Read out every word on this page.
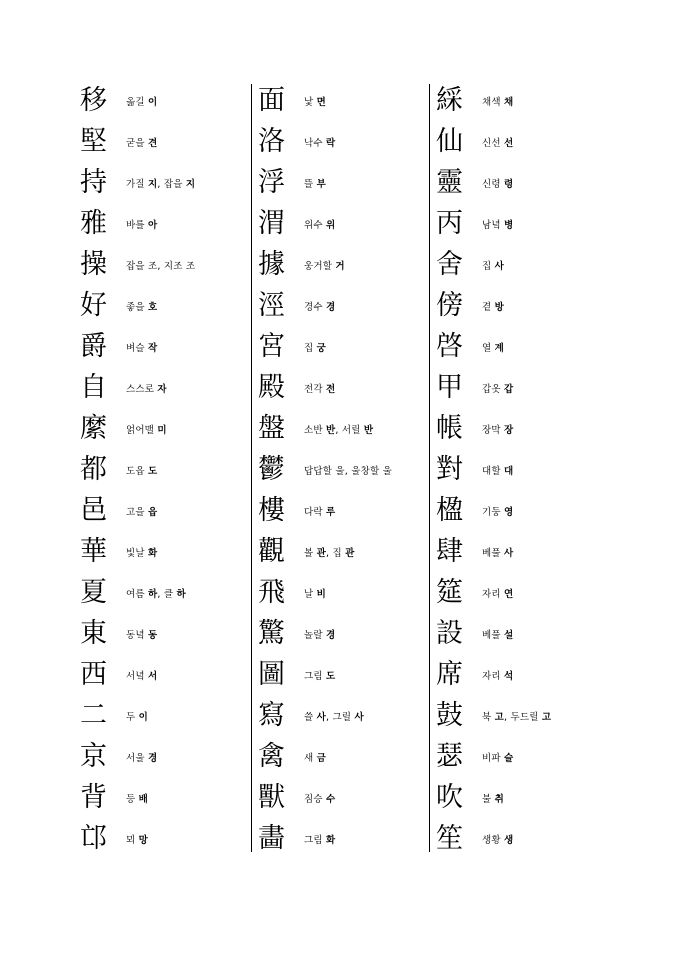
移	옮길 이
堅	굳을 견
持	가질 지, 잡을 지
雅	바를 아
操	잡을 조, 지조 조
好	좋을 호
爵	벼슬 작
自	스스로 자
縻	얽어맬 미
都	도읍 도
邑	고을 읍
華	빛날 화
夏	여름 하, 클 하
東	동녘 동
西	서녘 서
二	두 이
京	서울 경
背	등 배
邙	뫼 망
面	낯 면
洛	낙수 락
浮	뜰 부
渭	위수 위
據	웅거할 거
涇	경수 경
宮	집 궁
殿	전각 전
盤	소반 반, 서릴 반
鬱	답답할 울, 울창할 울
樓	다락 루
觀	볼 관, 집 관
飛	날 비
驚	놀랄 경
圖	그림 도
寫	쓸 사, 그릴 사
禽	새 금
獸	짐승 수
畵	그림 화
綵	채색 채
仙	신선 선
靈	신령 령
丙	남녘 병
舍	집 사
傍	곁 방
啓	열 계
甲	갑옷 갑
帳	장막 장
對	대할 대
楹	기둥 영
肆	베풀 사
筵	자리 연
設	베풀 설
席	자리 석
鼓	북 고, 두드릴 고
瑟	비파 슬
吹	불 취
笙	생황 생
